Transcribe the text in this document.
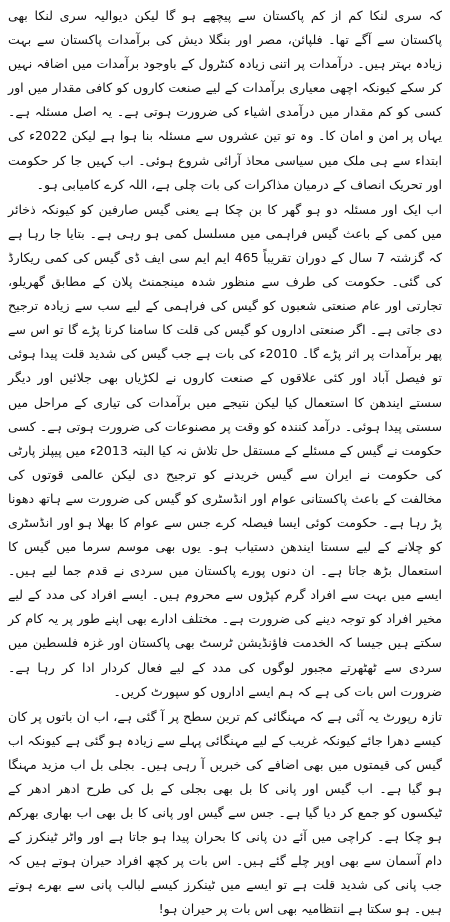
کہ سری لنکا کم از کم پاکستان سے پیچھے ہو گا لیکن دیوالیہ سری لنکا بھی پاکستان سے آگے تھا۔ فلپائن، مصر اور بنگلا دیش کی برآمدات پاکستان سے بہت زیادہ بہتر ہیں۔ درآمدات پر اتنی زیادہ کنٹرول کے باوجود برآمدات میں اضافہ نہیں کر سکے کیونکہ اچھی معیاری برآمدات کے لیے صنعت کاروں کو کافی مقدار میں اور کسی کو کم مقدار میں درآمدی اشیاء کی ضرورت ہوتی ہے۔ یہ اصل مسئلہ ہے۔ یہاں پر امن و امان کا۔ وہ تو تین عشروں سے مسئلہ بنا ہوا ہے لیکن 2022ء کی ابتداء سے ہی ملک میں سیاسی محاذ آرائی شروع ہوئی۔ اب کہیں جا کر حکومت اور تحریک انصاف کے درمیان مذاکرات کی بات چلی ہے، اللہ کرے کامیابی ہو۔

اب ایک اور مسئلہ دو ہو گھر کا بن چکا ہے یعنی گیس صارفین کو کیونکہ ذخائر میں کمی کے باعث گیس فراہمی میں مسلسل کمی ہو رہی ہے۔ بتایا جا رہا ہے کہ گزشتہ 7 سال کے دوران تقریباً 465 ایم ایم سی ایف ڈی گیس کی کمی ریکارڈ کی گئی۔ حکومت کی طرف سے منظور شدہ مینجمنٹ پلان کے مطابق گھریلو، تجارتی اور عام صنعتی شعبوں کو گیس کی فراہمی کے لیے سب سے زیادہ ترجیح دی جاتی ہے۔ اگر صنعتی اداروں کو گیس کی قلت کا سامنا کرنا پڑے گا تو اس سے پھر برآمدات پر اثر پڑے گا۔ 2010ء کی بات ہے جب گیس کی شدید قلت پیدا ہوئی تو فیصل آباد اور کئی علاقوں کے صنعت کاروں نے لکڑیاں بھی جلائیں اور دیگر سستے ایندھن کا استعمال کیا لیکن نتیجے میں برآمدات کی تیاری کے مراحل میں سستی پیدا ہوئی۔ درآمد کنندہ کو وقت پر مصنوعات کی ضرورت ہوتی ہے۔ کسی حکومت نے گیس کے مسئلے کے مستقل حل تلاش نہ کیا البتہ 2013ء میں پیپلز پارٹی کی حکومت نے ایران سے گیس خریدنے کو ترجیح دی لیکن عالمی قوتوں کی مخالفت کے باعث پاکستانی عوام اور انڈسٹری کو گیس کی ضرورت سے ہاتھ دھونا پڑ رہا ہے۔ حکومت کوئی ایسا فیصلہ کرے جس سے عوام کا بھلا ہو اور انڈسٹری کو چلانے کے لیے سستا ایندھن دستیاب ہو۔ یوں بھی موسم سرما میں گیس کا استعمال بڑھ جاتا ہے۔ ان دنوں پورے پاکستان میں سردی نے قدم جما لیے ہیں۔ ایسے میں بہت سے افراد گرم کپڑوں سے محروم ہیں۔ ایسے افراد کی مدد کے لیے مخیر افراد کو توجہ دینے کی ضرورت ہے۔ مختلف ادارے بھی اپنے طور پر یہ کام کر سکتے ہیں جیسا کہ الخدمت فاؤنڈیشن ٹرسٹ بھی پاکستان اور غزہ فلسطین میں سردی سے ٹھٹھرتے مجبور لوگوں کی مدد کے لیے فعال کردار ادا کر رہا ہے۔ ضرورت اس بات کی ہے کہ ہم ایسے اداروں کو سپورٹ کریں۔

تازہ رپورٹ یہ آئی ہے کہ مہنگائی کم ترین سطح پر آ گئی ہے، اب ان باتوں پر کان کیسے دھرا جائے کیونکہ غریب کے لیے مہنگائی پہلے سے زیادہ ہو گئی ہے کیونکہ اب گیس کی قیمتوں میں بھی اضافے کی خبریں آ رہی ہیں۔ بجلی بل اب مزید مہنگا ہو گیا ہے۔ اب گیس اور پانی کا بل بھی بجلی کے بل کی طرح ادھر ادھر کے ٹیکسوں کو جمع کر دیا گیا ہے۔ جس سے گیس اور پانی کا بل بھی اب بھاری بھرکم ہو چکا ہے۔ کراچی میں آئے دن پانی کا بحران پیدا ہو جاتا ہے اور واٹر ٹینکرز کے دام آسمان سے بھی اوپر چلے گئے ہیں۔ اس بات پر کچھ افراد حیران ہوتے ہیں کہ جب پانی کی شدید قلت ہے تو ایسے میں ٹینکرز کیسے لبالب پانی سے بھرے ہوتے ہیں۔ ہو سکتا ہے انتظامیہ بھی اس بات پر حیران ہو!
